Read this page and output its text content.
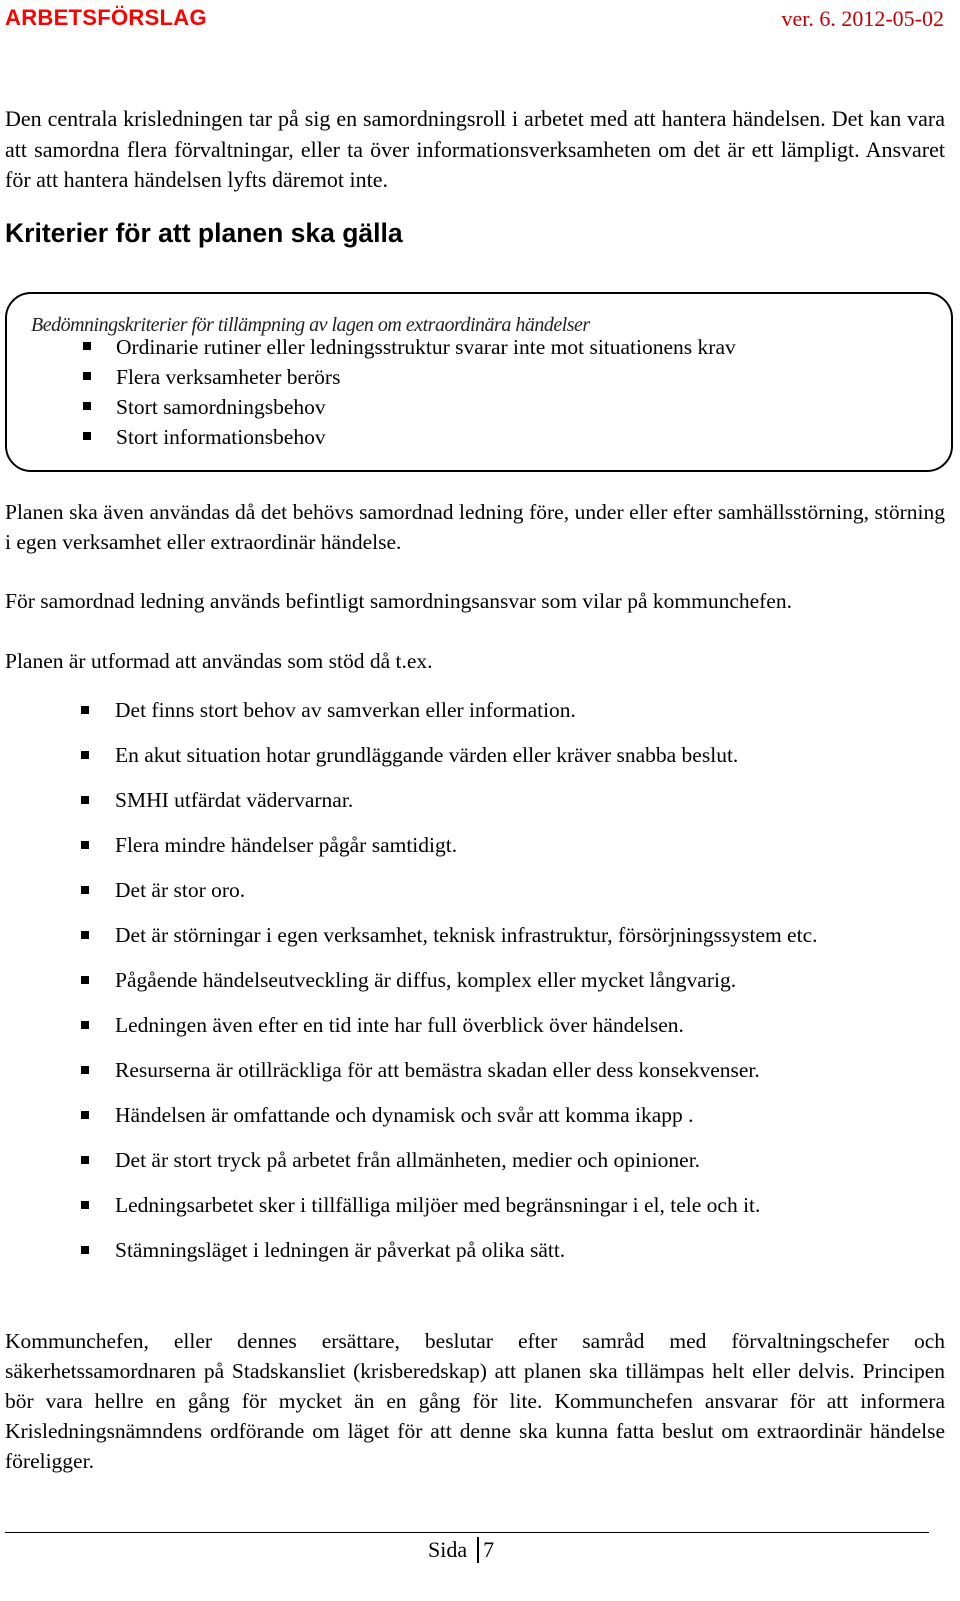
ARBETSFÖRSLAG	ver. 6. 2012-05-02

Den centrala krisledningen tar på sig en samordningsroll i arbetet med att hantera händelsen. Det kan vara att samordna flera förvaltningar, eller ta över informationsverksamheten om det är ett lämpligt. Ansvaret för att hantera händelsen lyfts däremot inte.

Kriterier för att planen ska gälla
Bedömningskriterier för tillämpning av lagen om extraordinära händelser
Ordinarie rutiner eller ledningsstruktur svarar inte mot situationens krav
Flera verksamheter berörs
Stort samordningsbehov
Stort informationsbehov

Planen ska även användas då det behövs samordnad ledning före, under eller efter samhällsstörning, störning i egen verksamhet eller extraordinär händelse.

För samordnad ledning används befintligt samordningsansvar som vilar på kommunchefen.

Planen är utformad att användas som stöd då t.ex.

Det finns stort behov av samverkan eller information.
En akut situation hotar grundläggande värden eller kräver snabba beslut.
SMHI utfärdat vädervarnar.
Flera mindre händelser pågår samtidigt.
Det är stor oro.
Det är störningar i egen verksamhet, teknisk infrastruktur, försörjningssystem etc.
Pågående händelseutveckling är diffus, komplex eller mycket långvarig.
Ledningen även efter en tid inte har full överblick över händelsen.
Resurserna är otillräckliga för att bemästra skadan eller dess konsekvenser.
Händelsen är omfattande och dynamisk och svår att komma ikapp .
Det är stort tryck på arbetet från allmänheten, medier och opinioner.
Ledningsarbetet sker i tillfälliga miljöer med begränsningar i el, tele och it.
Stämningsläget i ledningen är påverkat på olika sätt.

Kommunchefen, eller dennes ersättare, beslutar efter samråd med förvaltningschefer och säkerhetssamordnaren på Stadskansliet (krisberedskap) att planen ska tillämpas helt eller delvis. Principen bör vara hellre en gång för mycket än en gång för lite. Kommunchefen ansvarar för att informera Krisledningsnämndens ordförande om läget för att denne ska kunna fatta beslut om extraordinär händelse föreligger.

Sida 7
